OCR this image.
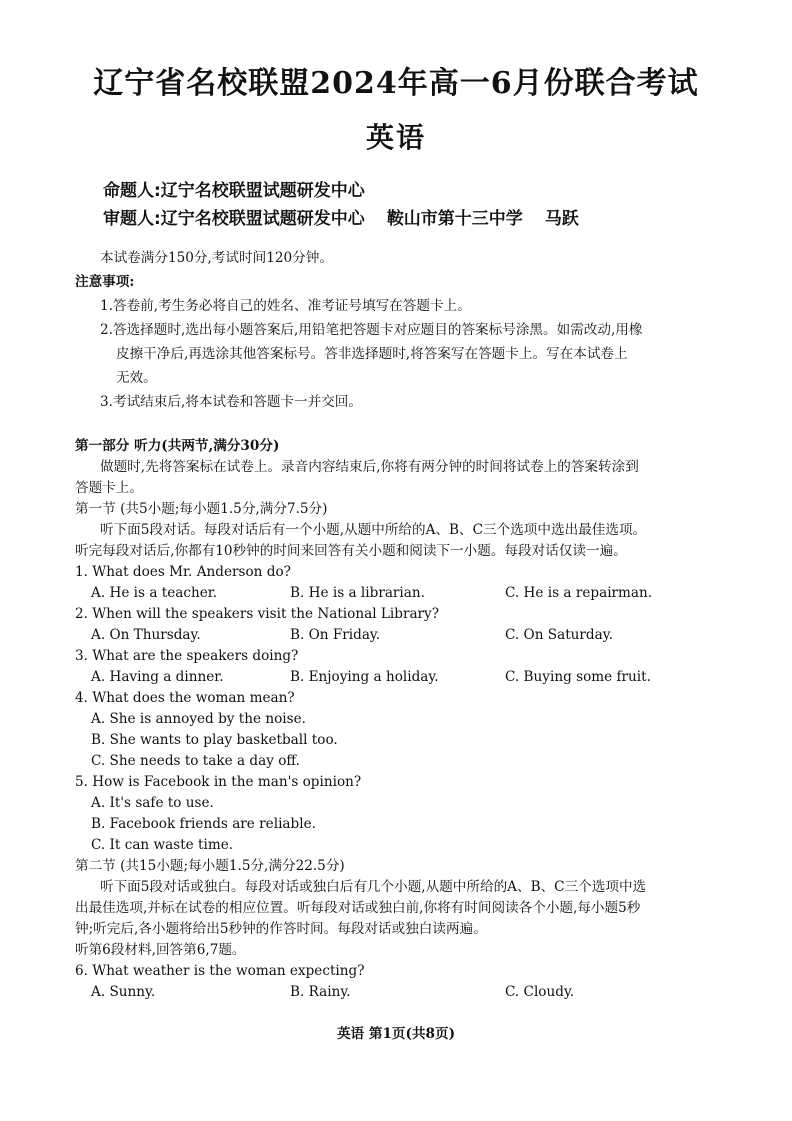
辽宁省名校联盟2024年高一6月份联合考试
英语
命题人:辽宁名校联盟试题研发中心
审题人:辽宁名校联盟试题研发中心 鞍山市第十三中学 马跃
本试卷满分150分,考试时间120分钟。
注意事项:
1.答卷前,考生务必将自己的姓名、准考证号填写在答题卡上。
2.答选择题时,选出每小题答案后,用铅笔把答题卡对应题目的答案标号涂黑。如需改动,用橡
皮擦干净后,再选涂其他答案标号。答非选择题时,将答案写在答题卡上。写在本试卷上
无效。
3.考试结束后,将本试卷和答题卡一并交回。
第一部分 听力(共两节,满分30分)
做题时,先将答案标在试卷上。录音内容结束后,你将有两分钟的时间将试卷上的答案转涂到
答题卡上。
第一节 (共5小题;每小题1.5分,满分7.5分)
听下面5段对话。每段对话后有一个小题,从题中所给的A、B、C三个选项中选出最佳选项。
听完每段对话后,你都有10秒钟的时间来回答有关小题和阅读下一小题。每段对话仅读一遍。
1. What does Mr. Anderson do?
A. He is a teacher.	B. He is a librarian.	C. He is a repairman.
2. When will the speakers visit the National Library?
A. On Thursday.	B. On Friday.	C. On Saturday.
3. What are the speakers doing?
A. Having a dinner.	B. Enjoying a holiday.	C. Buying some fruit.
4. What does the woman mean?
A. She is annoyed by the noise.
B. She wants to play basketball too.
C. She needs to take a day off.
5. How is Facebook in the man's opinion?
A. It's safe to use.
B. Facebook friends are reliable.
C. It can waste time.
第二节 (共15小题;每小题1.5分,满分22.5分)
听下面5段对话或独白。每段对话或独白后有几个小题,从题中所给的A、B、C三个选项中选
出最佳选项,并标在试卷的相应位置。听每段对话或独白前,你将有时间阅读各个小题,每小题5秒
钟;听完后,各小题将给出5秒钟的作答时间。每段对话或独白读两遍。
听第6段材料,回答第6,7题。
6. What weather is the woman expecting?
A. Sunny.	B. Rainy.	C. Cloudy.
英语 第1页(共8页)
